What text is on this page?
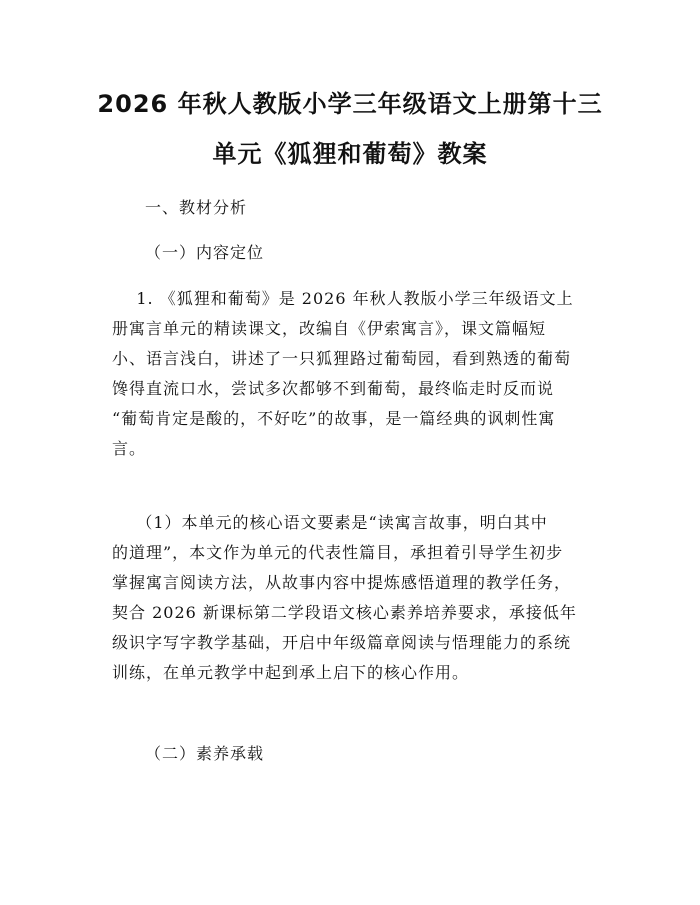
2026 年秋人教版小学三年级语文上册第十三
单元《狐狸和葡萄》教案
一、教材分析
（一）内容定位
1. 《狐狸和葡萄》是 2026 年秋人教版小学三年级语文上
册寓言单元的精读课文，改编自《伊索寓言》，课文篇幅短
小、语言浅白，讲述了一只狐狸路过葡萄园，看到熟透的葡萄
馋得直流口水，尝试多次都够不到葡萄，最终临走时反而说
“葡萄肯定是酸的，不好吃”的故事，是一篇经典的讽刺性寓
言。
（1）本单元的核心语文要素是“读寓言故事，明白其中
的道理”，本文作为单元的代表性篇目，承担着引导学生初步
掌握寓言阅读方法，从故事内容中提炼感悟道理的教学任务，
契合 2026 新课标第二学段语文核心素养培养要求，承接低年
级识字写字教学基础，开启中年级篇章阅读与悟理能力的系统
训练，在单元教学中起到承上启下的核心作用。
（二）素养承载
